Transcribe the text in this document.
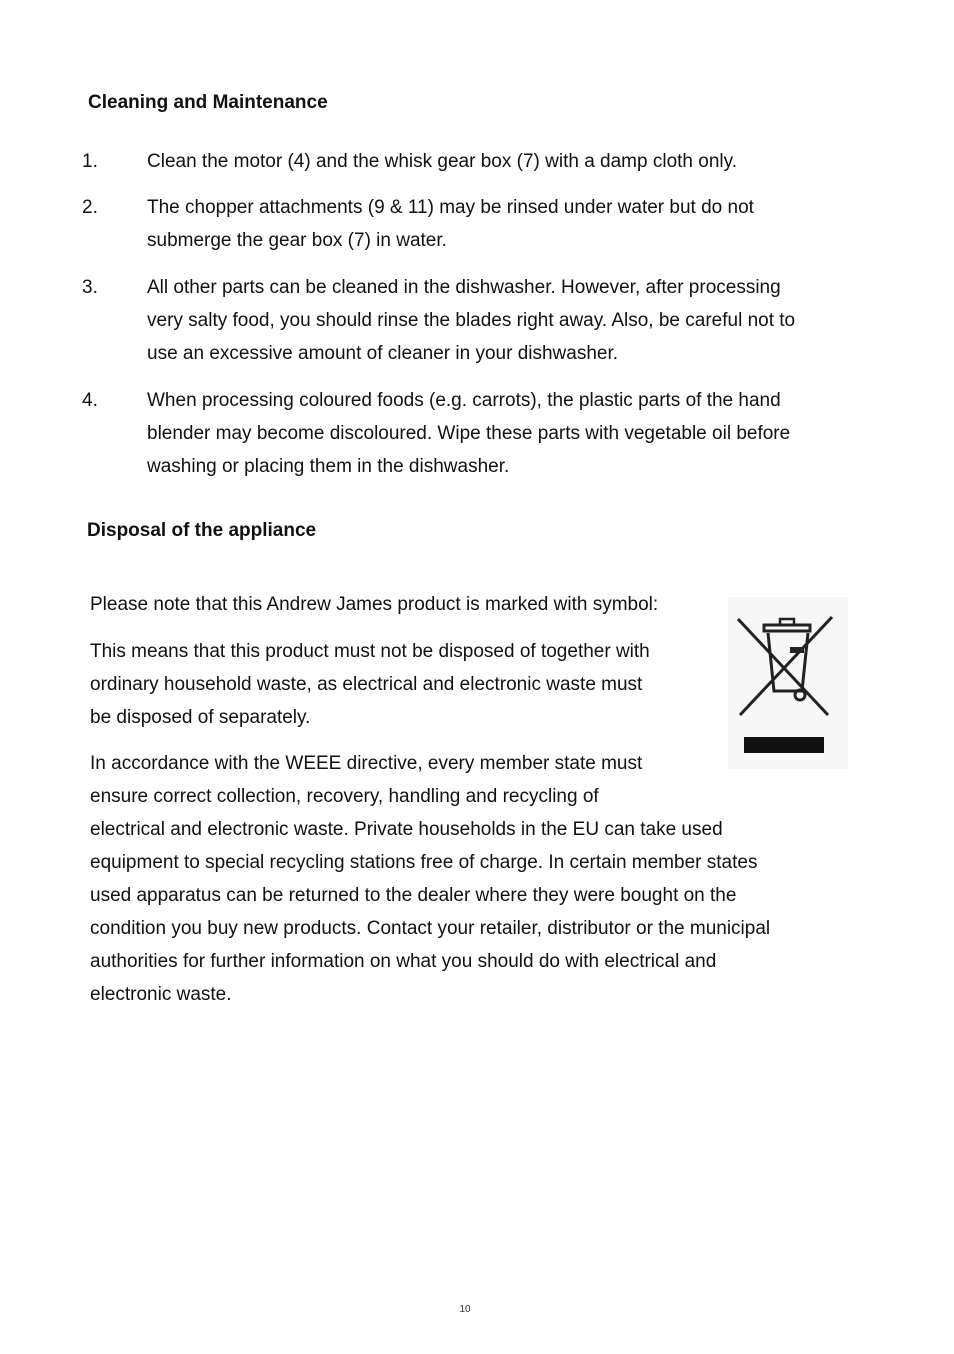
Cleaning and Maintenance
1.	Clean the motor (4) and the whisk gear box (7) with a damp cloth only.
2.	The chopper attachments (9 & 11) may be rinsed under water but do not
submerge the gear box (7) in water.
3.	All other parts can be cleaned in the dishwasher. However, after processing
very salty food, you should rinse the blades right away. Also, be careful not to
use an excessive amount of cleaner in your dishwasher.
4.	When processing coloured foods (e.g. carrots), the plastic parts of the hand
blender may become discoloured. Wipe these parts with vegetable oil before
washing or placing them in the dishwasher.
Disposal of the appliance
Please note that this Andrew James product is marked with symbol:
This means that this product must not be disposed of together with
ordinary household waste, as electrical and electronic waste must
be disposed of separately.
In accordance with the WEEE directive, every member state must
ensure correct collection, recovery, handling and recycling of
electrical and electronic waste. Private households in the EU can take used
equipment to special recycling stations free of charge. In certain member states
used apparatus can be returned to the dealer where they were bought on the
condition you buy new products. Contact your retailer, distributor or the municipal
authorities for further information on what you should do with electrical and
electronic waste.
10
